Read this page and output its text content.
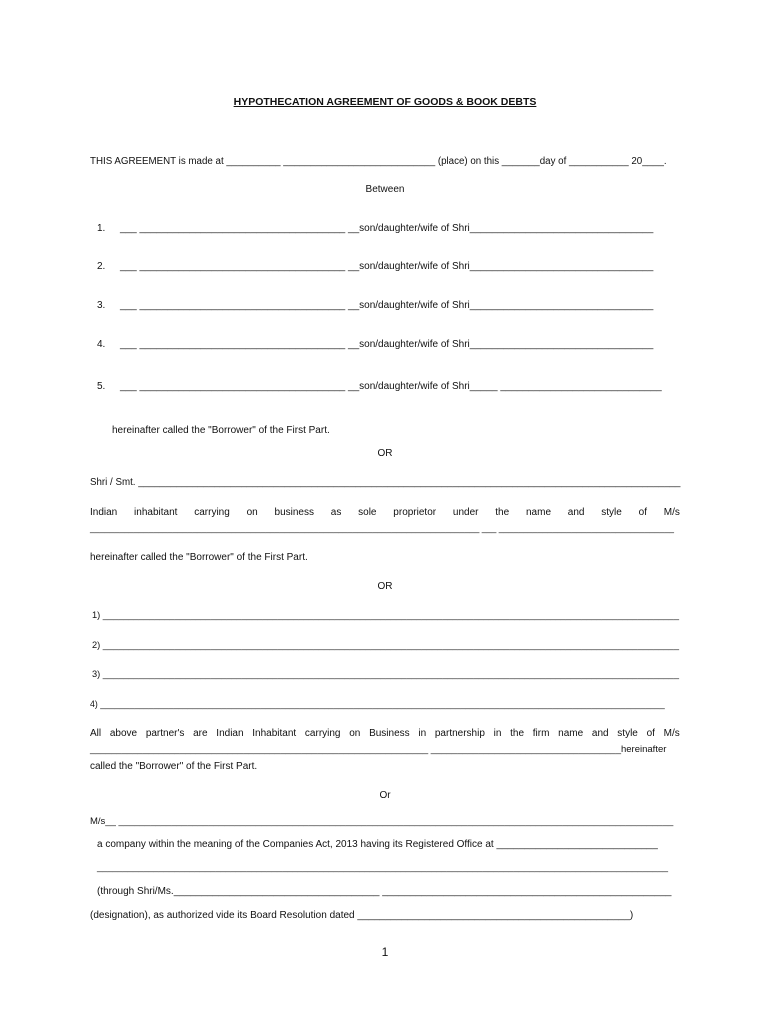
HYPOTHECATION AGREEMENT OF GOODS & BOOK DEBTS
THIS AGREEMENT is made at __________ ____________________________ (place) on this _______day of ___________ 20____.
Between
1. ___ _____________________________________ __son/daughter/wife of Shri_________________________________
2. ___ _____________________________________ __son/daughter/wife of Shri_________________________________
3. ___ _____________________________________ __son/daughter/wife of Shri_________________________________
4. ___ _____________________________________ __son/daughter/wife of Shri_________________________________
5. ___ _____________________________________ __son/daughter/wife of Shri_____ _____________________________
hereinafter called the "Borrower" of the First Part.
OR
Shri / Smt. ____________________________________________________________________________________________________
Indian inhabitant carrying on business as sole proprietor under the name and style of M/s
________________________________________________________________________________ ___ ____________________________________
hereinafter called the "Borrower" of the First Part.
OR
1) ________________________________________________________________________________________________________________
2) ________________________________________________________________________________________________________________
3) ________________________________________________________________________________________________________________
4) ____________________________________________________________________________________________________________________
All above partner's are Indian Inhabitant carrying on Business in partnership in the firm name and style of M/s
________________________________________________________________ ____________________________________hereinafter
called the "Borrower" of the First Part.
Or
M/s__ _________________________________________________________________________________________________________
a company within the meaning of the Companies Act, 2013 having its Registered Office at _____________________________
_______________________________________________________________________________________________________________
(through Shri/Ms._____________________________________ ____________________________________________________
(designation), as authorized vide its Board Resolution dated _________________________________________________)
1
